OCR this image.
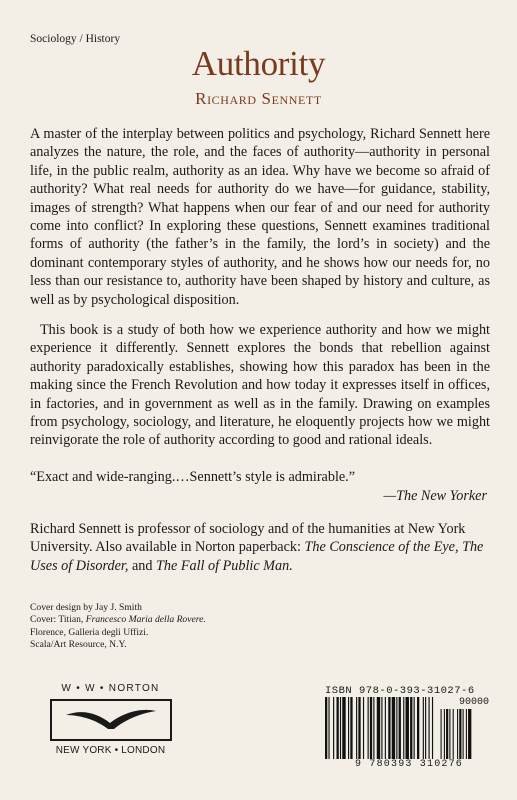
Sociology / History
Authority
Richard Sennett

A master of the interplay between politics and psychology, Richard Sennett here analyzes the nature, the role, and the faces of authority—authority in personal life, in the public realm, authority as an idea. Why have we become so afraid of authority? What real needs for authority do we have—for guidance, stability, images of strength? What happens when our fear of and our need for authority come into conflict? In exploring these questions, Sennett examines traditional forms of authority (the father’s in the family, the lord’s in society) and the dominant contemporary styles of authority, and he shows how our needs for, no less than our resistance to, authority have been shaped by history and culture, as well as by psychological disposition.

This book is a study of both how we experience authority and how we might experience it differently. Sennett explores the bonds that rebellion against authority paradoxically establishes, showing how this paradox has been in the making since the French Revolution and how today it expresses itself in offices, in factories, and in government as well as in the family. Drawing on examples from psychology, sociology, and literature, he eloquently projects how we might reinvigorate the role of authority according to good and rational ideals.

“Exact and wide-ranging.…Sennett’s style is admirable.”
—The New Yorker

Richard Sennett is professor of sociology and of the humanities at New York University. Also available in Norton paperback: The Conscience of the Eye, The Uses of Disorder, and The Fall of Public Man.

Cover design by Jay J. Smith
Cover: Titian, Francesco Maria della Rovere.
Florence, Galleria degli Uffizi.
Scala/Art Resource, N.Y.
W • W • NORTON
NEW YORK • LONDON
ISBN 978-0-393-31027-6
90000
9 780393 310276
